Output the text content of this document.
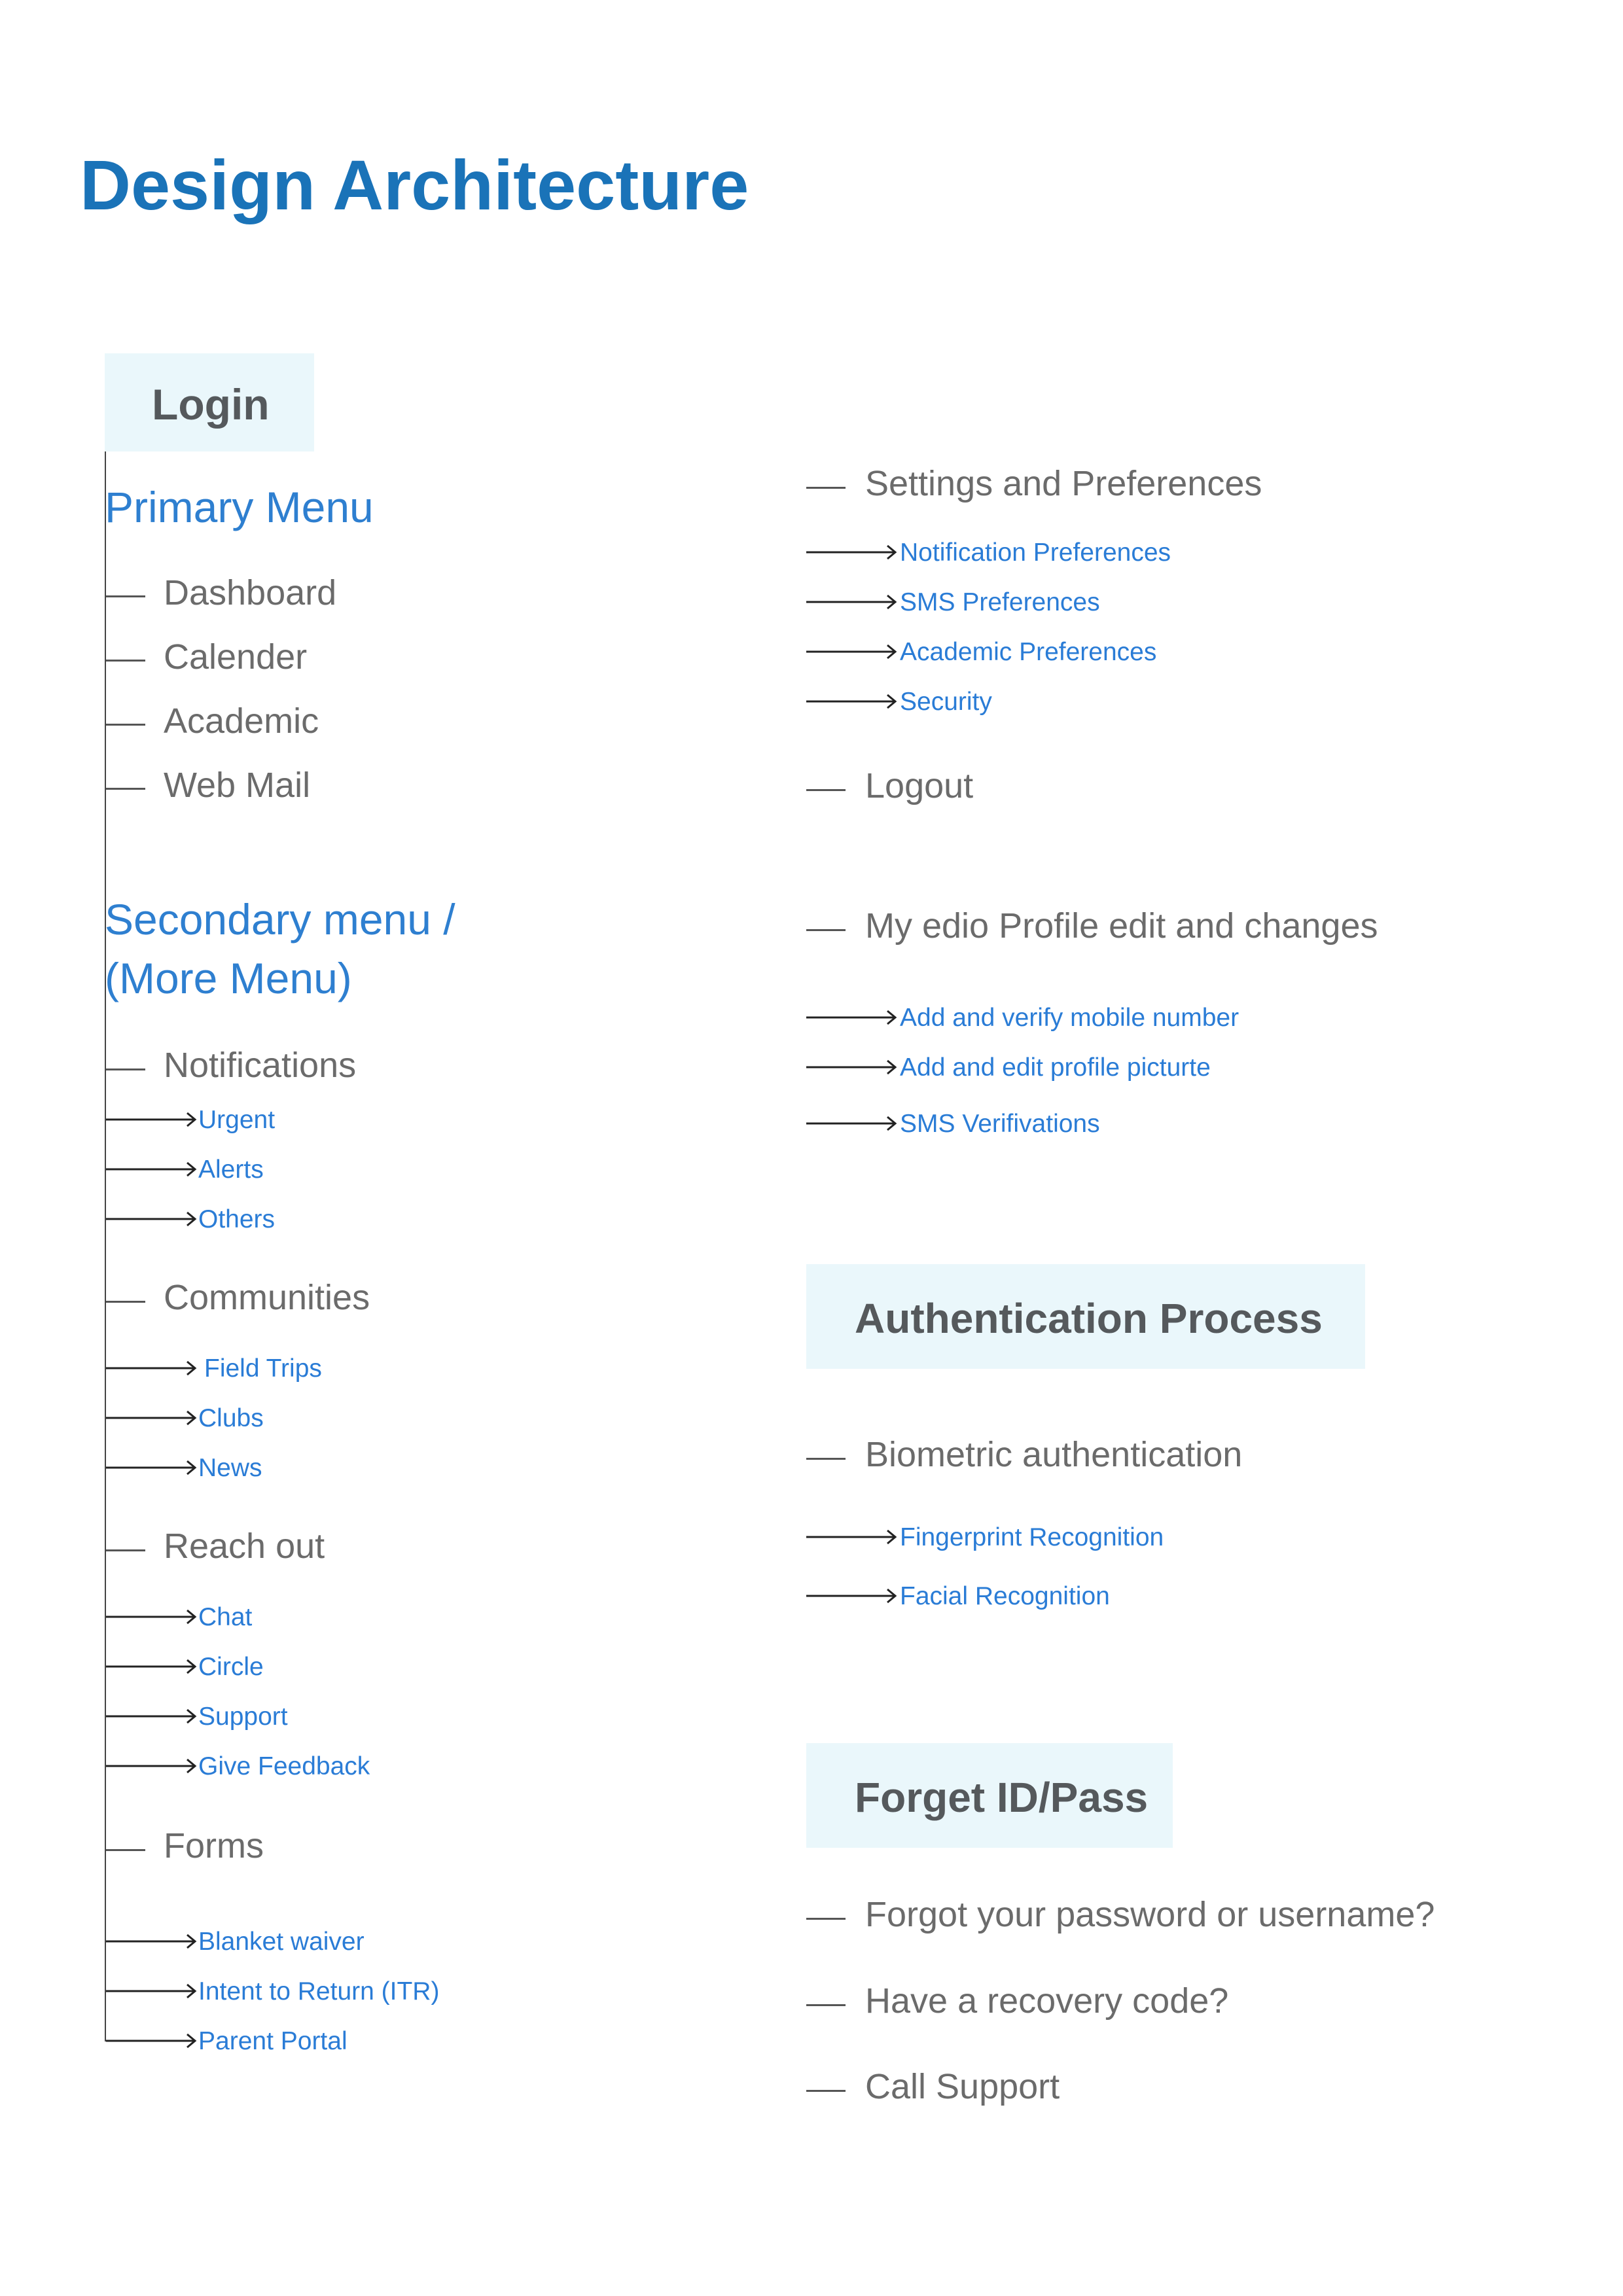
Design Architecture
Login
Primary Menu
Dashboard
Calender
Academic
Web Mail
Secondary menu /
(More Menu)
Notifications
Urgent
Alerts
Others
Communities
Field Trips
Clubs
News
Reach out
Chat
Circle
Support
Give Feedback
Forms
Blanket waiver
Intent to Return (ITR)
Parent Portal
Settings and Preferences
Notification Preferences
SMS Preferences
Academic Preferences
Security
Logout
My edio Profile edit and changes
Add and verify mobile number
Add and edit profile picturte
SMS Verifivations
Authentication Process
Biometric authentication
Fingerprint Recognition
Facial Recognition
Forget ID/Pass
Forgot your password or username?
Have a recovery code?
Call Support
